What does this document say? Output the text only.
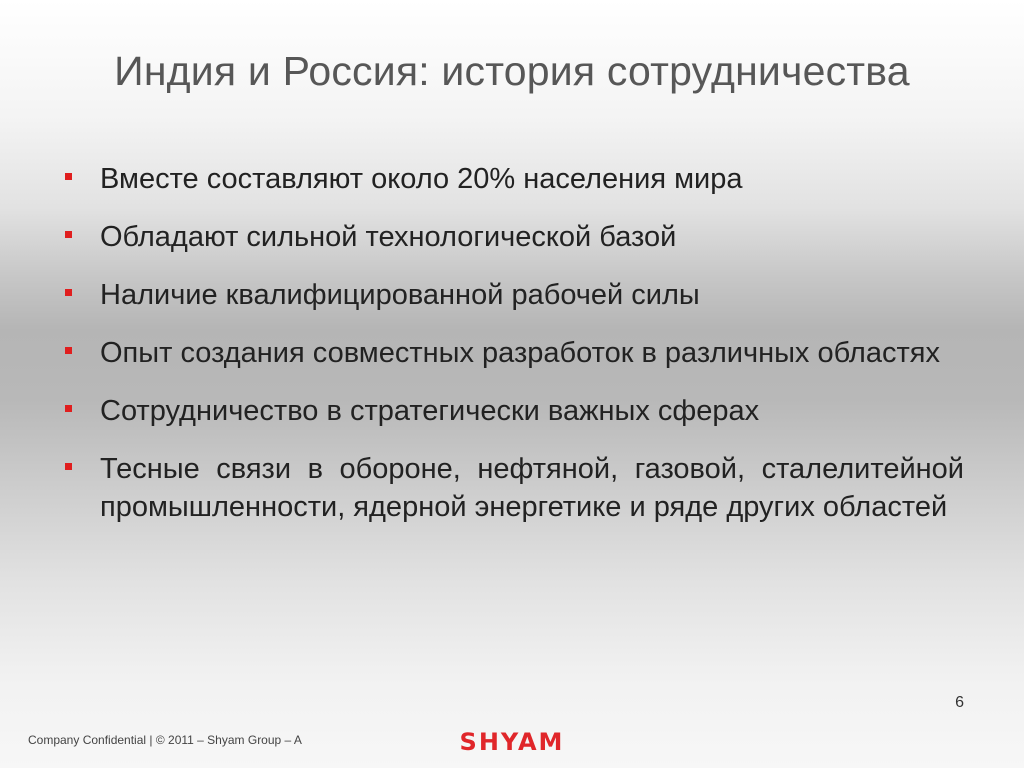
Индия и Россия: история сотрудничества
Вместе составляют около 20% населения мира
Обладают сильной технологической базой
Наличие квалифицированной рабочей силы
Опыт создания совместных разработок в различных областях
Сотрудничество в стратегически важных сферах
Тесные связи в обороне, нефтяной, газовой, сталелитейной промышленности, ядерной энергетике и ряде других областей
6
Company Confidential | © 2011 – Shyam Group – A	SHYAM
